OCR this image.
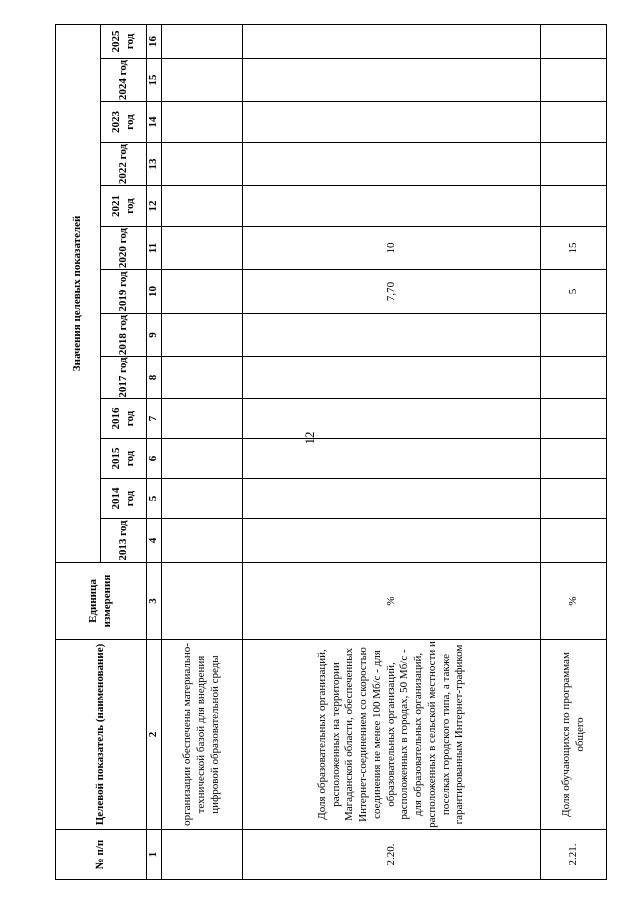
12
№ п/п	Целевой показатель (наименование)	Единица измерения	Значения целевых показателей												
			2013 год	2014 год	2015 год	2016 год	2017 год	2018 год	2019 год	2020 год	2021 год	2022 год	2023 год	2024 год	2025 год
1	2	3	4	5	6	7	8	9	10	11	12	13	14	15	16
	организации обеспечены материально-технической базой для внедрения цифровой образовательной среды														
2.20.	Доля образовательных организаций, расположенных на территории Магаданской области, обеспеченных Интернет-соединением со скоростью соединения не менее 100 Мб/c - для образовательных организаций, расположенных в городах, 50 Мб/c - для образовательных организаций, расположенных в сельской местности и поселках городского типа, а также гарантированным Интернет-трафиком	%							7,70	10					
2.21.	Доля обучающихся по программам общего	%							5	15					
